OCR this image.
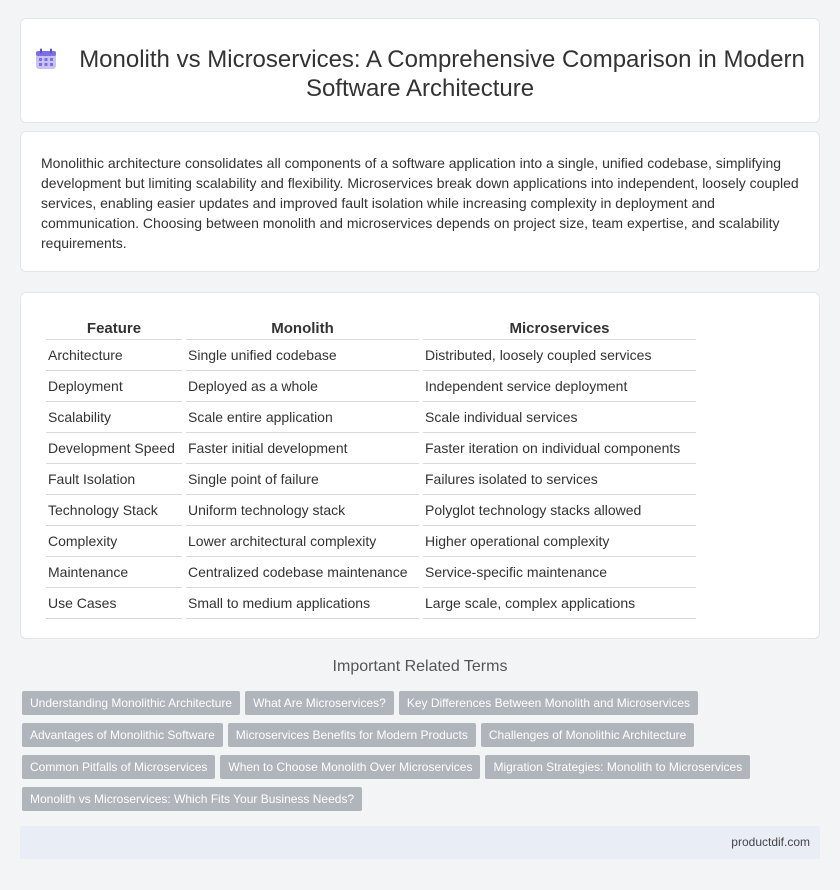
Monolith vs Microservices: A Comprehensive Comparison in Modern Software Architecture

Monolithic architecture consolidates all components of a software application into a single, unified codebase, simplifying development but limiting scalability and flexibility. Microservices break down applications into independent, loosely coupled services, enabling easier updates and improved fault isolation while increasing complexity in deployment and communication. Choosing between monolith and microservices depends on project size, team expertise, and scalability requirements.

Feature	Monolith	Microservices
Architecture	Single unified codebase	Distributed, loosely coupled services
Deployment	Deployed as a whole	Independent service deployment
Scalability	Scale entire application	Scale individual services
Development Speed	Faster initial development	Faster iteration on individual components
Fault Isolation	Single point of failure	Failures isolated to services
Technology Stack	Uniform technology stack	Polyglot technology stacks allowed
Complexity	Lower architectural complexity	Higher operational complexity
Maintenance	Centralized codebase maintenance	Service-specific maintenance
Use Cases	Small to medium applications	Large scale, complex applications
Important Related Terms
Understanding Monolithic Architecture What Are Microservices? Key Differences Between Monolith and MicroservicesAdvantages of Monolithic Software Microservices Benefits for Modern Products Challenges of Monolithic ArchitectureCommon Pitfalls of Microservices When to Choose Monolith Over Microservices Migration Strategies: Monolith to MicroservicesMonolith vs Microservices: Which Fits Your Business Needs?
productdif.com
